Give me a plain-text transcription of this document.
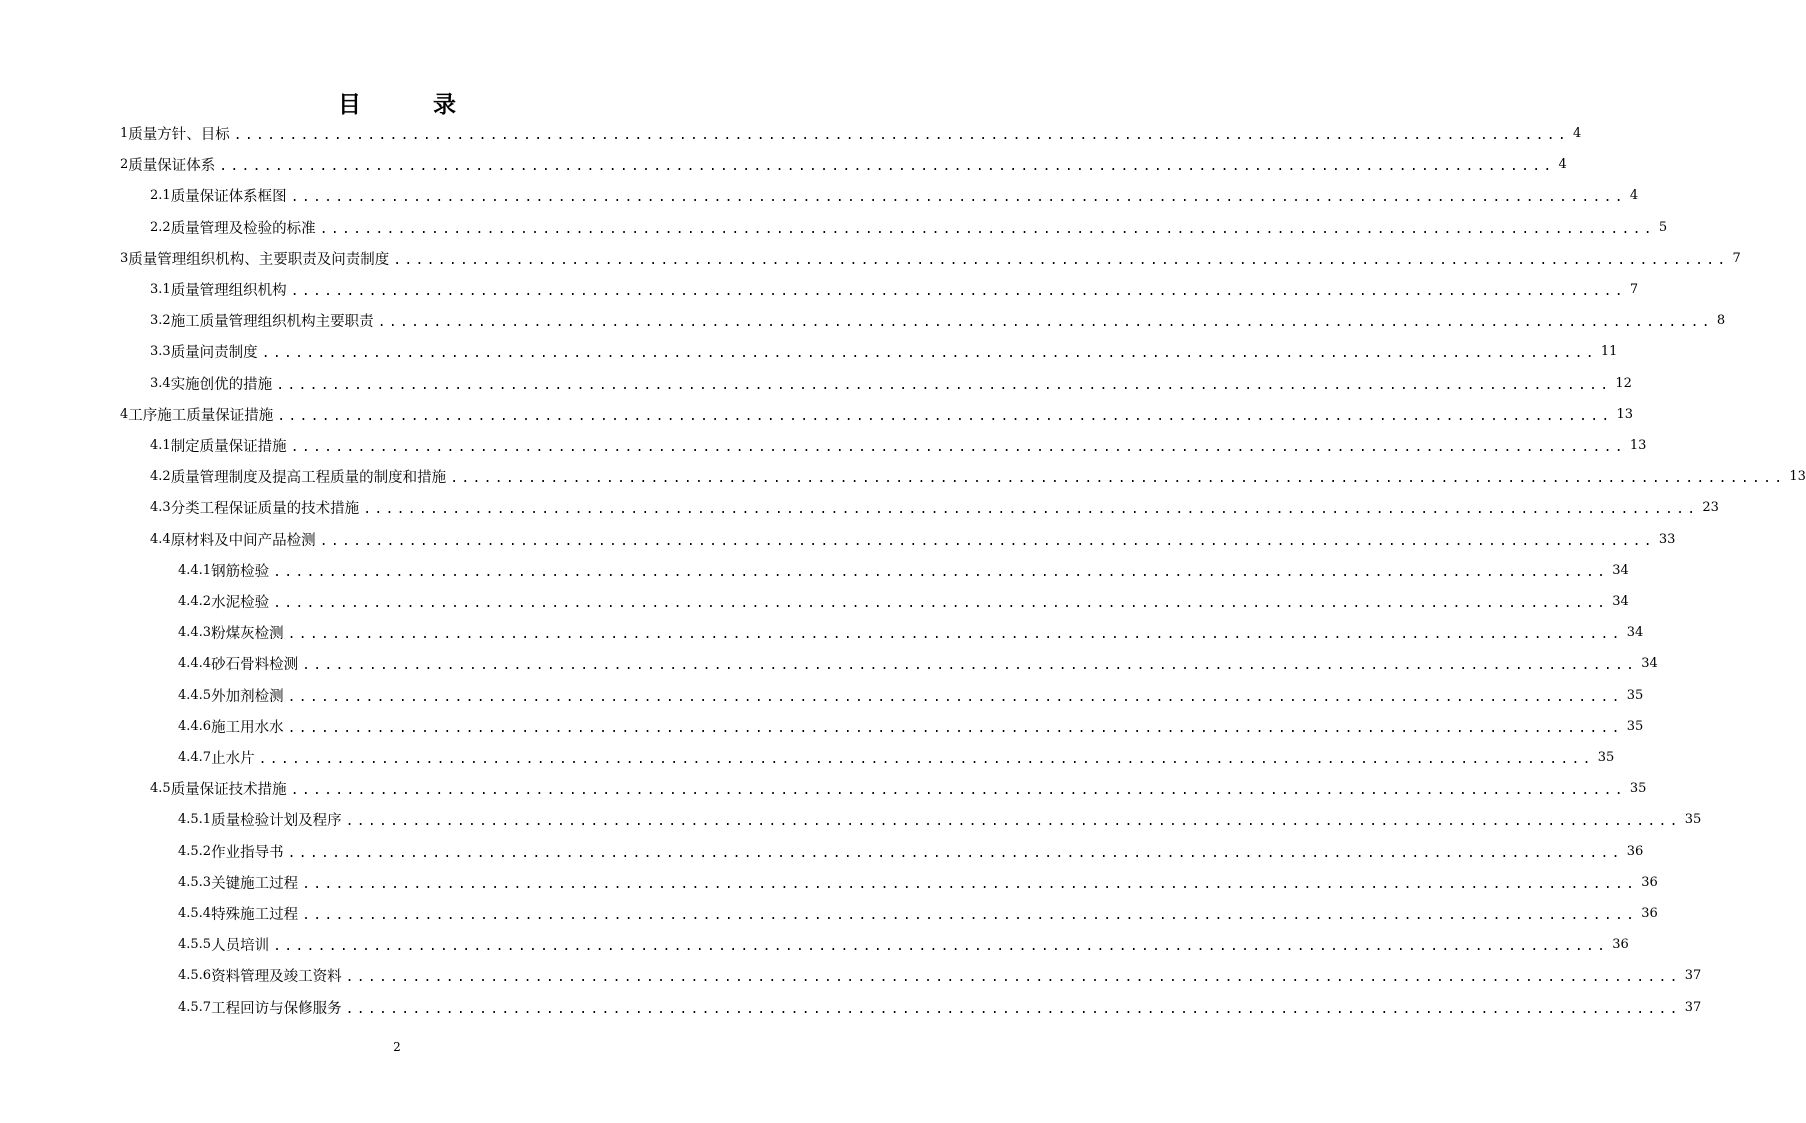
目 录
1 质量方针、目标 ........................................................................................................................ 4
2 质量保证体系 ........................................................................................................................ 4
2.1 质量保证体系框图 ........................................................................................................................ 4
2.2 质量管理及检验的标准 ........................................................................................................................ 5
3 质量管理组织机构、主要职责及问责制度 ........................................................................................................................ 7
3.1 质量管理组织机构 ........................................................................................................................ 7
3.2 施工质量管理组织机构主要职责 ........................................................................................................................ 8
3.3 质量问责制度 ........................................................................................................................ 11
3.4 实施创优的措施 ........................................................................................................................ 12
4 工序施工质量保证措施 ........................................................................................................................ 13
4.1 制定质量保证措施 ........................................................................................................................ 13
4.2 质量管理制度及提高工程质量的制度和措施 ........................................................................................................................ 13
4.3 分类工程保证质量的技术措施 ........................................................................................................................ 23
4.4 原材料及中间产品检测 ........................................................................................................................ 33
4.4.1 钢筋检验 ........................................................................................................................ 34
4.4.2 水泥检验 ........................................................................................................................ 34
4.4.3 粉煤灰检测 ........................................................................................................................ 34
4.4.4 砂石骨料检测 ........................................................................................................................ 34
4.4.5 外加剂检测 ........................................................................................................................ 35
4.4.6 施工用水水 ........................................................................................................................ 35
4.4.7 止水片 ........................................................................................................................ 35
4.5 质量保证技术措施 ........................................................................................................................ 35
4.5.1 质量检验计划及程序 ........................................................................................................................ 35
4.5.2 作业指导书 ........................................................................................................................ 36
4.5.3 关键施工过程 ........................................................................................................................ 36
4.5.4 特殊施工过程 ........................................................................................................................ 36
4.5.5 人员培训 ........................................................................................................................ 36
4.5.6 资料管理及竣工资料 ........................................................................................................................ 37
4.5.7 工程回访与保修服务 ........................................................................................................................ 37
2
